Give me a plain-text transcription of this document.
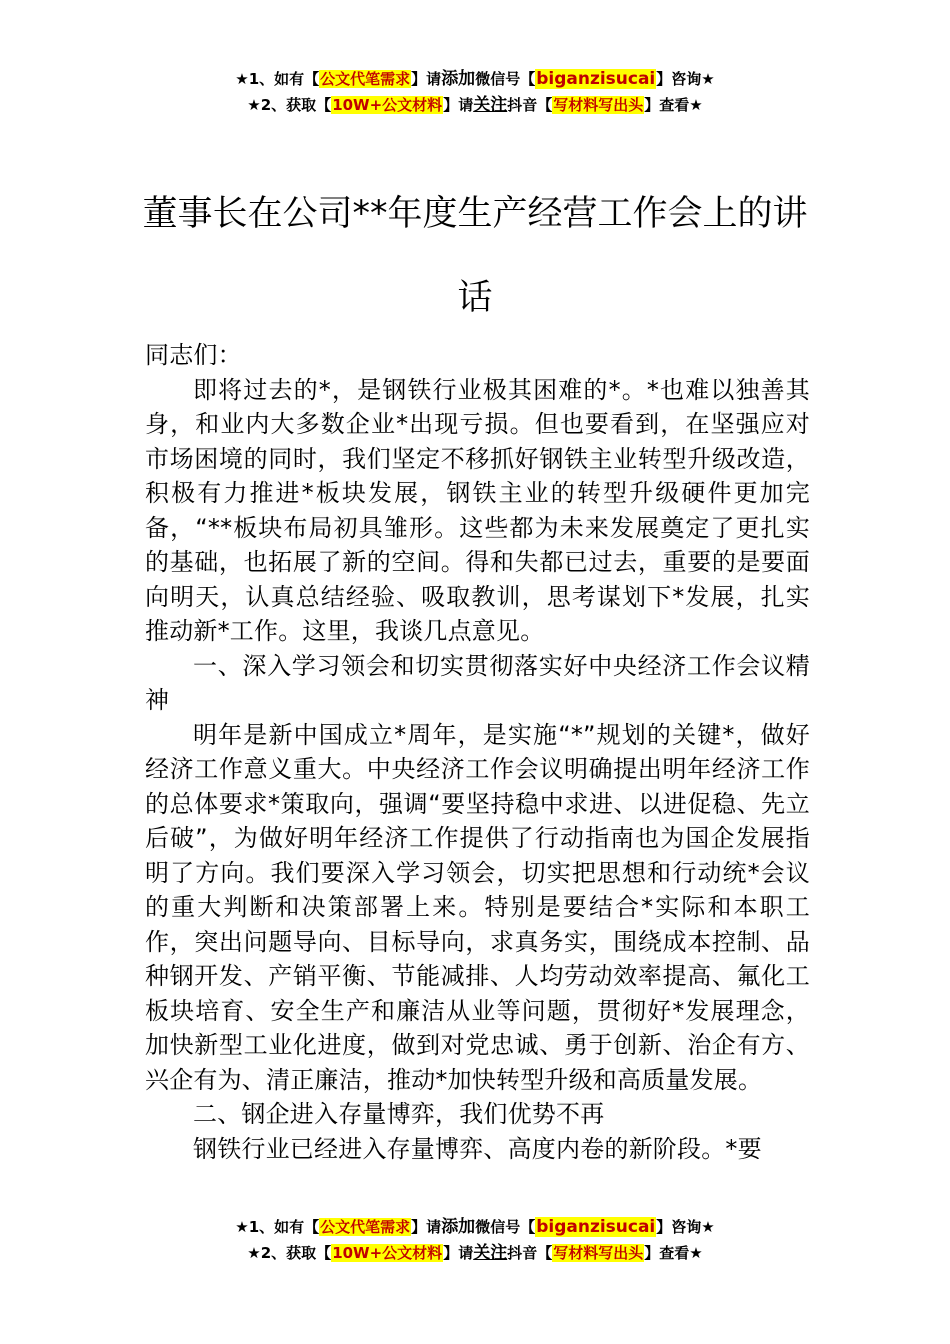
★1、如有【公文代笔需求】请添加微信号【biganzisucai】咨询★
★2、获取【10W+公文材料】请关注抖音【写材料写出头】查看★
董事长在公司**年度生产经营工作会上的讲话

同志们：

即将过去的*，是钢铁行业极其困难的*。*也难以独善其身，和业内大多数企业*出现亏损。但也要看到，在坚强应对市场困境的同时，我们坚定不移抓好钢铁主业转型升级改造，积极有力推进*板块发展，钢铁主业的转型升级硬件更加完备，“**板块布局初具雏形。这些都为未来发展奠定了更扎实的基础，也拓展了新的空间。得和失都已过去，重要的是要面向明天，认真总结经验、吸取教训，思考谋划下*发展，扎实推动新*工作。这里，我谈几点意见。

一、深入学习领会和切实贯彻落实好中央经济工作会议精神

明年是新中国成立*周年，是实施“*”规划的关键*，做好经济工作意义重大。中央经济工作会议明确提出明年经济工作的总体要求*策取向，强调“要坚持稳中求进、以进促稳、先立后破”，为做好明年经济工作提供了行动指南也为国企发展指明了方向。我们要深入学习领会，切实把思想和行动统*会议的重大判断和决策部署上来。特别是要结合*实际和本职工作，突出问题导向、目标导向，求真务实，围绕成本控制、品种钢开发、产销平衡、节能减排、人均劳动效率提高、氟化工板块培育、安全生产和廉洁从业等问题，贯彻好*发展理念，加快新型工业化进度，做到对党忠诚、勇于创新、治企有方、兴企有为、清正廉洁，推动*加快转型升级和高质量发展。

二、钢企进入存量博弈，我们优势不再

钢铁行业已经进入存量博弈、高度内卷的新阶段。*要

★1、如有【公文代笔需求】请添加微信号【biganzisucai】咨询★
★2、获取【10W+公文材料】请关注抖音【写材料写出头】查看★
